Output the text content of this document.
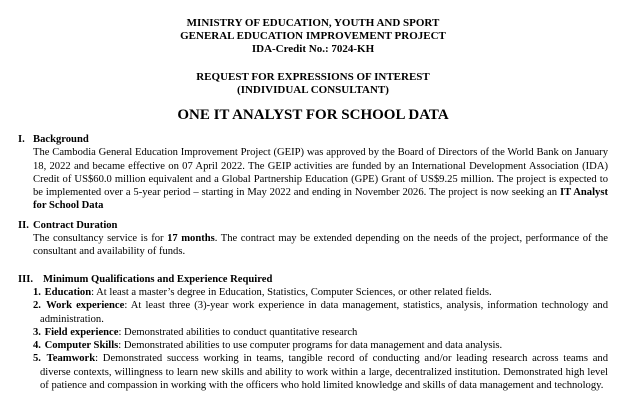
MINISTRY OF EDUCATION, YOUTH AND SPORT
GENERAL EDUCATION IMPROVEMENT PROJECT
IDA-Credit No.: 7024-KH
REQUEST FOR EXPRESSIONS OF INTEREST
(INDIVIDUAL CONSULTANT)
ONE IT ANALYST FOR SCHOOL DATA
I. Background

The Cambodia General Education Improvement Project (GEIP) was approved by the Board of Directors of the World Bank on January 18, 2022 and became effective on 07 April 2022. The GEIP activities are funded by an International Development Association (IDA) Credit of US$60.0 million equivalent and a Global Partnership Education (GPE) Grant of US$9.25 million. The project is expected to be implemented over a 5-year period – starting in May 2022 and ending in November 2026. The project is now seeking an IT Analyst for School Data

II. Contract Duration

The consultancy service is for 17 months. The contract may be extended depending on the needs of the project, performance of the consultant and availability of funds.

III. Minimum Qualifications and Experience Required
1. Education: At least a master’s degree in Education, Statistics, Computer Sciences, or other related fields.
2. Work experience: At least three (3)-year work experience in data management, statistics, analysis, information technology and administration.
3. Field experience: Demonstrated abilities to conduct quantitative research
4. Computer Skills: Demonstrated abilities to use computer programs for data management and data analysis.
5. Teamwork: Demonstrated success working in teams, tangible record of conducting and/or leading research across teams and diverse contexts, willingness to learn new skills and ability to work within a large, decentralized institution. Demonstrated high level of patience and compassion in working with the officers who hold limited knowledge and skills of data management and technology.
